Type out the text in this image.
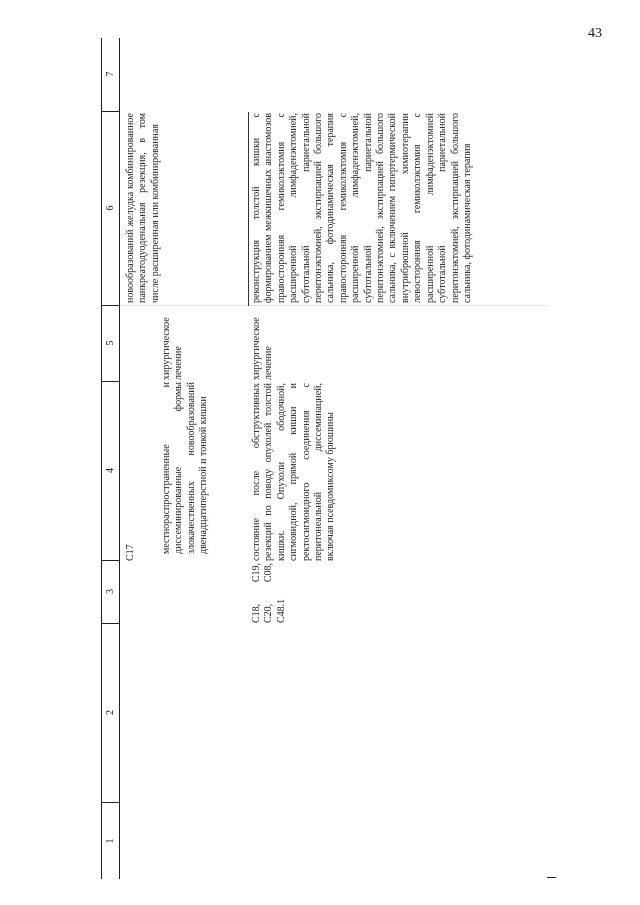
43
1
2
3
4
5
6
7
C17	местнораспространенные и диссеминированные формы злокачественных новообразований двенадцатиперстной и тонкой кишки
хирургическое лечение
новообразований желудка комбинированное панкреатодуоденальная резекция, в том числе расширенная или комбинированная
C18, C19, C20, C08, C48.1
состояние после обструктивных резекций по поводу опухолей толстой кишки. Опухоли ободочной, сигмовидной, прямой кишки и ректосигмоидного соединения с перитонеальной диссеминацией, включая псевдомиксому брюшины
хирургическое лечение
реконструкция толстой кишки с формированием межкишечных анастомозов правосторонняя гемиколэктомия с расширенной лимфаденэктомией, субтотальной париетальной перитонэктомией, экстирпацией большого сальника, фотодинамическая терапия правосторонняя гемиколэктомия с расширенной лимфаденэктомией, субтотальной париетальной перитонэктомией, экстирпацией большого сальника, с включением гипертермической внутрибрюшной химиотерапии левосторонняя гемиколэктомия с расширенной лимфаденэктомией субтотальной париетальной перитонэктомией, экстирпацией большого сальника, фотодинамическая терапия
